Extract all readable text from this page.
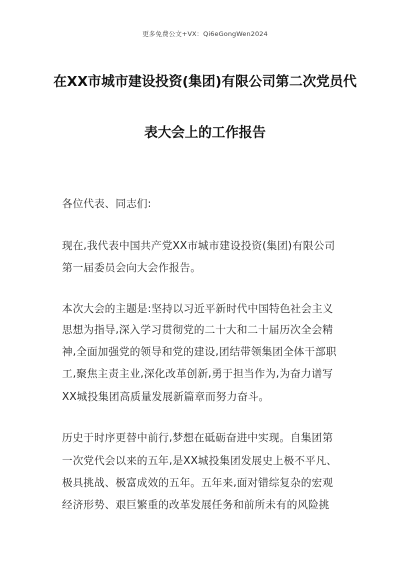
更多免费公文+VX：Qi6eGongWen2024
在XX市城市建设投资(集团)有限公司第二次党员代
表大会上的工作报告
各位代表、同志们:
现在,我代表中国共产党XX市城市建设投资(集团)有限公司
第一届委员会向大会作报告。
本次大会的主题是:坚持以习近平新时代中国特色社会主义
思想为指导,深入学习贯彻党的二十大和二十届历次全会精
神,全面加强党的领导和党的建设,团结带领集团全体干部职
工,聚焦主责主业,深化改革创新,勇于担当作为,为奋力谱写
XX城投集团高质量发展新篇章而努力奋斗。
历史于时序更替中前行,梦想在砥砺奋进中实现。自集团第
一次党代会以来的五年,是XX城投集团发展史上极不平凡、
极具挑战、极富成效的五年。五年来,面对错综复杂的宏观
经济形势、艰巨繁重的改革发展任务和前所未有的风险挑
